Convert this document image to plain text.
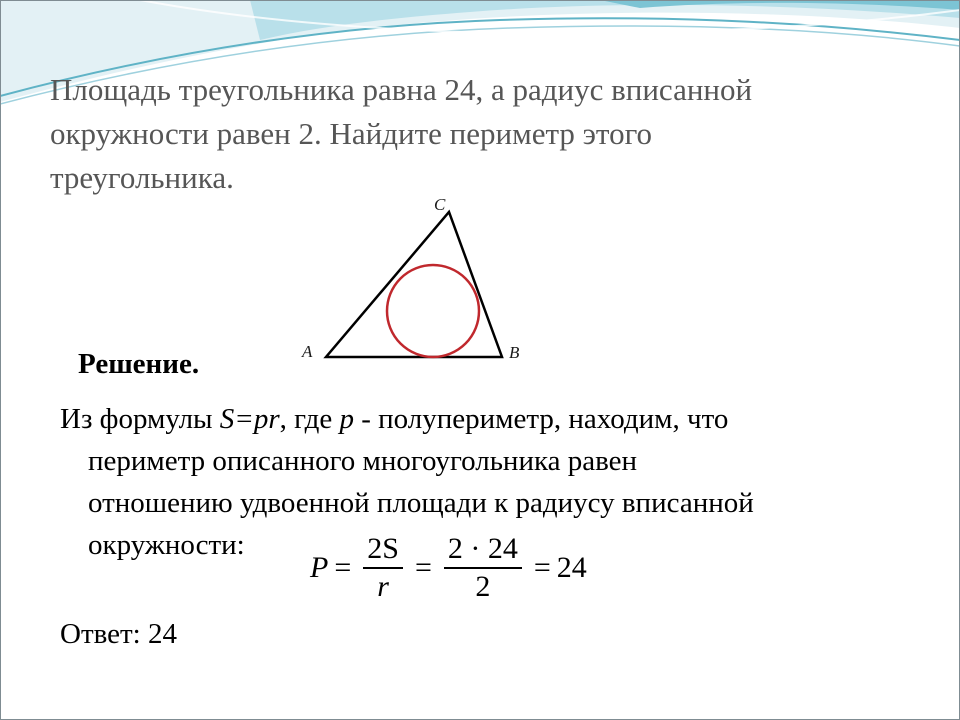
Площадь треугольника равна 24, а радиус вписанной
окружности равен 2. Найдите периметр этого
треугольника.
A	B
C

Решение.

Из формулы S=pr, где p - полупериметр, находим, что
периметр описанного многоугольника равен
отношению удвоенной площади к радиусу вписанной
окружности:

$P = \frac{2S}{r} = \frac{2 \cdot 24}{2} = 24$

Ответ: 24
